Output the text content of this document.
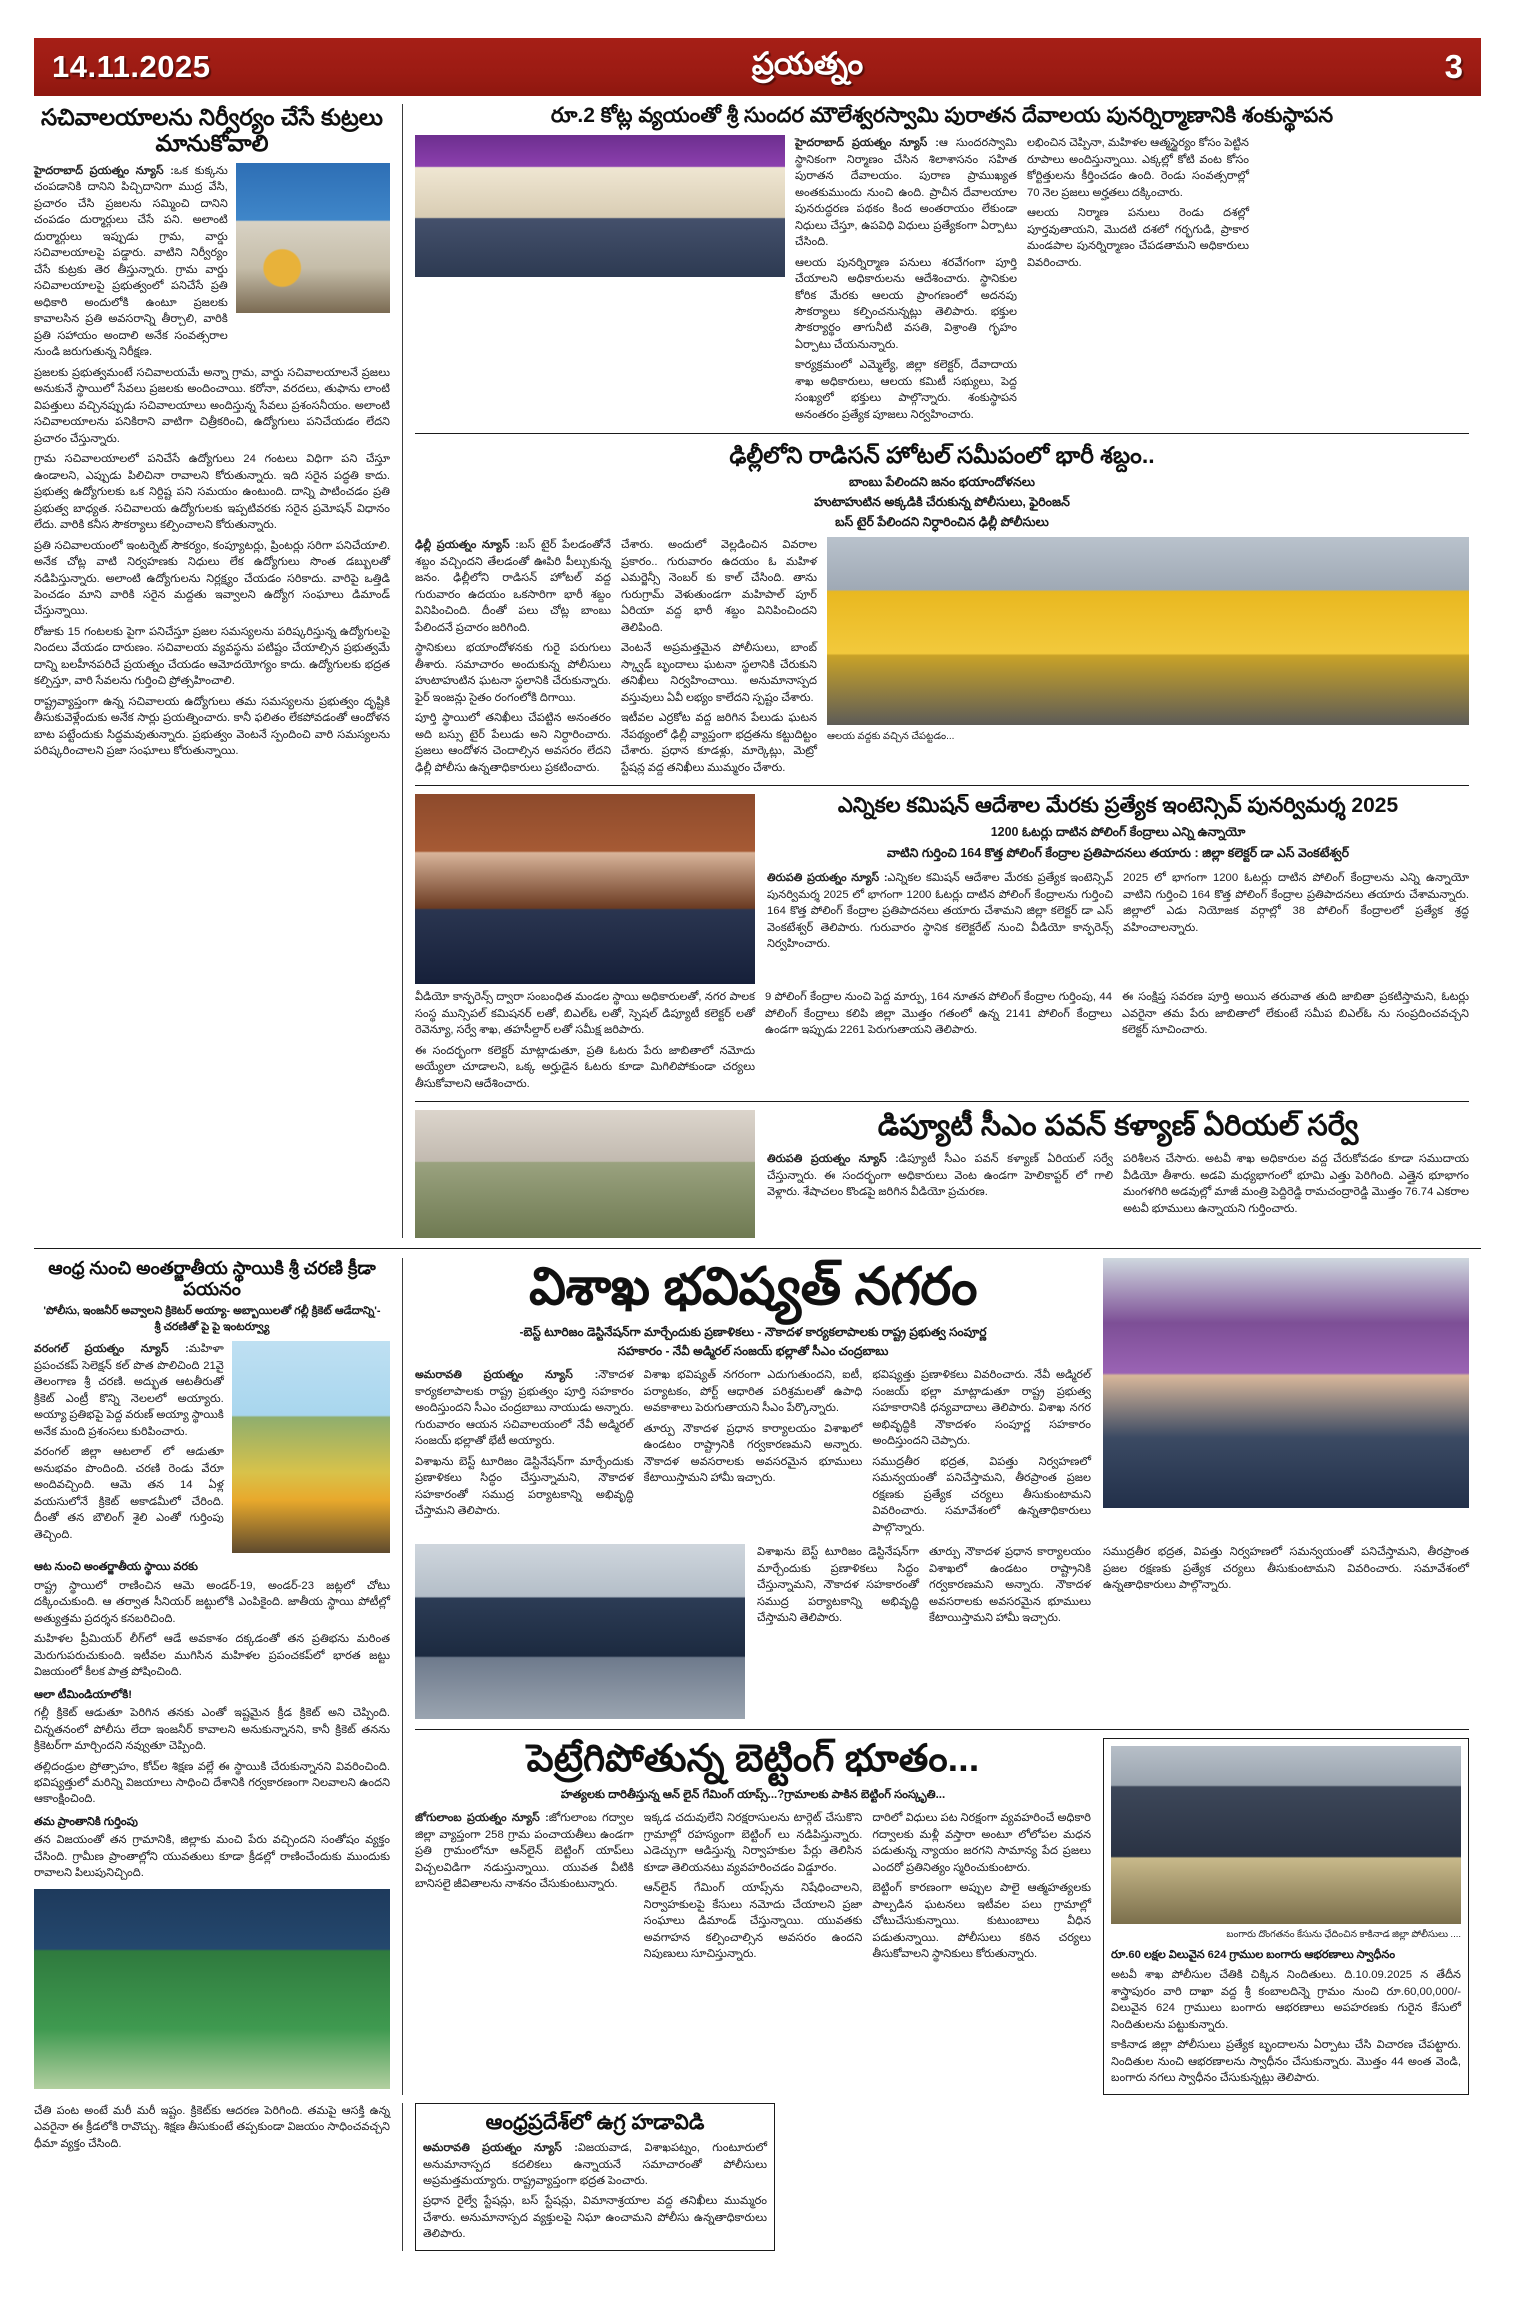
14.11.2025	ప్రయత్నం	3
సచివాలయాలను నిర్వీర్యం చేసే కుట్రలు మానుకోవాలి
హైదరాబాద్ ప్రయత్నం న్యూస్ :ఒక కుక్కను చంపడానికి దానిని పిచ్చిదానిగా ముద్ర వేసి, ప్రచారం చేసి ప్రజలను సమ్మించి దానిని చంపడం దుర్మార్గులు చేసే పని. అలాంటి దుర్మార్గులు ఇప్పుడు గ్రామ, వార్డు సచివాలయాలపై పడ్డారు. వాటిని నిర్వీర్యం చేసే కుట్రకు తెర తీస్తున్నారు. గ్రామ వార్డు సచివాలయాలపై ప్రభుత్వంలో పనిచేసే ప్రతి అధికారి అందులోకి ఉంటూ ప్రజలకు కావాలసిన ప్రతి అవసరాన్ని తీర్చాలి, వారికి ప్రతి సహాయం అందాలి అనేక సంవత్సరాల నుండి జరుగుతున్న నిరీక్షణ.
ప్రజలకు ప్రభుత్వమంటే సచివాలయమే అన్నా గ్రామ, వార్డు సచివాలయాలనే ప్రజలు అనుకునే స్థాయిలో సేవలు ప్రజలకు అందించాయి. కరోనా, వరదలు, తుఫాను లాంటి విపత్తులు వచ్చినప్పుడు సచివాలయాలు అందిస్తున్న సేవలు ప్రశంసనీయం. అలాంటి సచివాలయాలను పనికిరాని వాటిగా చిత్రీకరించి, ఉద్యోగులు పనిచేయడం లేదని ప్రచారం చేస్తున్నారు.
గ్రామ సచివాలయాలలో పనిచేసే ఉద్యోగులు 24 గంటలు విధిగా పని చేస్తూ ఉండాలని, ఎప్పుడు పిలిచినా రావాలని కోరుతున్నారు. ఇది సరైన పద్ధతి కాదు. ప్రభుత్వ ఉద్యోగులకు ఒక నిర్దిష్ట పని సమయం ఉంటుంది. దాన్ని పాటించడం ప్రతి ప్రభుత్వ బాధ్యత. సచివాలయ ఉద్యోగులకు ఇప్పటివరకు సరైన ప్రమోషన్ విధానం లేదు. వారికి కనీస సౌకర్యాలు కల్పించాలని కోరుతున్నారు.
ప్రతి సచివాలయంలో ఇంటర్నెట్ సౌకర్యం, కంప్యూటర్లు, ప్రింటర్లు సరిగా పనిచేయాలి. అనేక చోట్ల వాటి నిర్వహణకు నిధులు లేక ఉద్యోగులు సొంత డబ్బులతో నడిపిస్తున్నారు. అలాంటి ఉద్యోగులను నిర్లక్ష్యం చేయడం సరికాదు. వారిపై ఒత్తిడి పెంచడం మాని వారికి సరైన మద్దతు ఇవ్వాలని ఉద్యోగ సంఘాలు డిమాండ్ చేస్తున్నాయి.
రోజుకు 15 గంటలకు పైగా పనిచేస్తూ ప్రజల సమస్యలను పరిష్కరిస్తున్న ఉద్యోగులపై నిందలు వేయడం దారుణం. సచివాలయ వ్యవస్థను పటిష్టం చేయాల్సిన ప్రభుత్వమే దాన్ని బలహీనపరిచే ప్రయత్నం చేయడం ఆమోదయోగ్యం కాదు. ఉద్యోగులకు భద్రత కల్పిస్తూ, వారి సేవలను గుర్తించి ప్రోత్సహించాలి.
రాష్ట్రవ్యాప్తంగా ఉన్న సచివాలయ ఉద్యోగులు తమ సమస్యలను ప్రభుత్వం దృష్టికి తీసుకువెళ్లేందుకు అనేక సార్లు ప్రయత్నించారు. కానీ ఫలితం లేకపోవడంతో ఆందోళన బాట పట్టేందుకు సిద్ధమవుతున్నారు. ప్రభుత్వం వెంటనే స్పందించి వారి సమస్యలను పరిష్కరించాలని ప్రజా సంఘాలు కోరుతున్నాయి.
రూ.2 కోట్ల వ్యయంతో శ్రీ సుందర మౌలేశ్వరస్వామి పురాతన దేవాలయ పునర్నిర్మాణానికి శంకుస్థాపన
హైదరాబాద్ ప్రయత్నం న్యూస్ :ఆ సుందరస్వామి స్థానికంగా నిర్మాణం చేసిన శిలాశాసనం సహిత పురాతన దేవాలయం. పురాణ ప్రాముఖ్యత అంతకుముందు నుంచి ఉంది. ప్రాచీన దేవాలయాల పునరుద్ధరణ పథకం కింద అంతరాయం లేకుండా నిధులు చేస్తూ, ఉపవిధి విధులు ప్రత్యేకంగా ఏర్పాటు చేసింది.
ఆలయ పునర్నిర్మాణ పనులు శరవేగంగా పూర్తి చేయాలని అధికారులను ఆదేశించారు. స్థానికుల కోరిక మేరకు ఆలయ ప్రాంగణంలో అదనపు సౌకర్యాలు కల్పించనున్నట్లు తెలిపారు. భక్తుల సౌకర్యార్థం తాగునీటి వసతి, విశ్రాంతి గృహం ఏర్పాటు చేయనున్నారు.
కార్యక్రమంలో ఎమ్మెల్యే, జిల్లా కలెక్టర్, దేవాదాయ శాఖ అధికారులు, ఆలయ కమిటీ సభ్యులు, పెద్ద సంఖ్యలో భక్తులు పాల్గొన్నారు. శంకుస్థాపన అనంతరం ప్రత్యేక పూజలు నిర్వహించారు.
లభించిన చెప్పినా, మహిళల ఆత్మస్థైర్యం కోసం పెట్టిన రూపాలు అందిస్తున్నాయి. ఎక్కల్లో కోటి వంట కోసం కోర్టిత్తులను కీర్తించడం ఉంది. రెండు సంవత్సరాల్లో 70 నెల ప్రజలు అర్హతలు దక్కించారు.
ఆలయ నిర్మాణ పనులు రెండు దశల్లో పూర్తవుతాయని, మొదటి దశలో గర్భగుడి, ప్రాకార మండపాల పునర్నిర్మాణం చేపడతామని అధికారులు వివరించారు.
ఢిల్లీలోని రాడిసన్ హోటల్ సమీపంలో భారీ శబ్దం..
బాంబు పేలిందని జనం భయాందోళనలు
హుటాహుటిన అక్కడికి చేరుకున్న పోలీసులు, ఫైరింజన్
బస్ టైర్ పేలిందని నిర్ధారించిన ఢిల్లీ పోలీసులు
ఢిల్లీ ప్రయత్నం న్యూస్ :బస్ టైర్ పేలడంతోనే శబ్దం వచ్చిందని తేలడంతో ఊపిరి పీల్చుకున్న జనం. ఢిల్లీలోని రాడిసన్ హోటల్ వద్ద గురువారం ఉదయం ఒకసారిగా భారీ శబ్దం వినిపించింది. దీంతో పలు చోట్ల బాంబు పేలిందనే ప్రచారం జరిగింది.
స్థానికులు భయాందోళనకు గురై పరుగులు తీశారు. సమాచారం అందుకున్న పోలీసులు హుటాహుటిన ఘటనా స్థలానికి చేరుకున్నారు. ఫైర్ ఇంజన్లు సైతం రంగంలోకి దిగాయి.
పూర్తి స్థాయిలో తనిఖీలు చేపట్టిన అనంతరం అది బస్సు టైర్ పేలుడు అని నిర్ధారించారు. ప్రజలు ఆందోళన చెందాల్సిన అవసరం లేదని ఢిల్లీ పోలీసు ఉన్నతాధికారులు ప్రకటించారు.
చేశారు. అందులో వెల్లడించిన వివరాల ప్రకారం.. గురువారం ఉదయం ఓ మహిళ ఎమర్జెన్సీ నెంబర్ కు కాల్ చేసింది. తాను గురుగ్రామ్ వెళుతుండగా మహిపాల్ పూర్ ఏరియా వద్ద భారీ శబ్దం వినిపించిందని తెలిపింది.
వెంటనే అప్రమత్తమైన పోలీసులు, బాంబ్ స్క్వాడ్ బృందాలు ఘటనా స్థలానికి చేరుకుని తనిఖీలు నిర్వహించాయి. అనుమానాస్పద వస్తువులు ఏవీ లభ్యం కాలేదని స్పష్టం చేశారు.
ఇటీవల ఎర్రకోట వద్ద జరిగిన పేలుడు ఘటన నేపథ్యంలో ఢిల్లీ వ్యాప్తంగా భద్రతను కట్టుదిట్టం చేశారు. ప్రధాన కూడళ్లు, మార్కెట్లు, మెట్రో స్టేషన్ల వద్ద తనిఖీలు ముమ్మరం చేశారు.
ఆలయ వద్దకు వచ్చిన చేపట్టడం...
ఎన్నికల కమిషన్ ఆదేశాల మేరకు ప్రత్యేక ఇంటెన్సివ్ పునర్విమర్శ 2025
1200 ఓటర్లు దాటిన పోలింగ్ కేంద్రాలు ఎన్ని ఉన్నాయో
వాటిని గుర్తించి 164 కొత్త పోలింగ్ కేంద్రాల ప్రతిపాదనలు తయారు : జిల్లా కలెక్టర్ డా ఎస్ వెంకటేశ్వర్
తిరుపతి ప్రయత్నం న్యూస్ :ఎన్నికల కమిషన్ ఆదేశాల మేరకు ప్రత్యేక ఇంటెన్సివ్ పునర్విమర్శ 2025 లో భాగంగా 1200 ఓటర్లు దాటిన పోలింగ్ కేంద్రాలను గుర్తించి 164 కొత్త పోలింగ్ కేంద్రాల ప్రతిపాదనలు తయారు చేశామని జిల్లా కలెక్టర్ డా ఎస్ వెంకటేశ్వర్ తెలిపారు. గురువారం స్థానిక కలెక్టరేట్ నుంచి వీడియో కాన్ఫరెన్స్ నిర్వహించారు.
2025 లో భాగంగా 1200 ఓటర్లు దాటిన పోలింగ్ కేంద్రాలను ఎన్ని ఉన్నాయో వాటిని గుర్తించి 164 కొత్త పోలింగ్ కేంద్రాల ప్రతిపాదనలు తయారు చేశామన్నారు. జిల్లాలో ఎడు నియోజక వర్గాల్లో 38 పోలింగ్ కేంద్రాలలో ప్రత్యేక శ్రద్ధ వహించాలన్నారు.
వీడియో కాన్ఫరెన్స్ ద్వారా సంబంధిత మండల స్థాయి అధికారులతో, నగర పాలక సంస్థ మున్సిపల్ కమిషనర్ లతో, బిఎల్ఓ లతో, స్పెషల్ డిప్యూటీ కలెక్టర్ లతో రెవెన్యూ, సర్వే శాఖ, తహసీల్దార్ లతో సమీక్ష జరిపారు.
ఈ సందర్భంగా కలెక్టర్ మాట్లాడుతూ, ప్రతి ఓటరు పేరు జాబితాలో నమోదు అయ్యేలా చూడాలని, ఒక్క అర్హుడైన ఓటరు కూడా మిగిలిపోకుండా చర్యలు తీసుకోవాలని ఆదేశించారు.
9 పోలింగ్ కేంద్రాల నుంచి పెద్ద మార్పు, 164 నూతన పోలింగ్ కేంద్రాల గుర్తింపు, 44 పోలింగ్ కేంద్రాలు కలిపి జిల్లా మొత్తం గతంలో ఉన్న 2141 పోలింగ్ కేంద్రాలు ఉండగా ఇప్పుడు 2261 పెరుగుతాయని తెలిపారు.
ఈ సంక్షిప్త సవరణ పూర్తి అయిన తరువాత తుది జాబితా ప్రకటిస్తామని, ఓటర్లు ఎవరైనా తమ పేరు జాబితాలో లేకుంటే సమీప బిఎల్ఓ ను సంప్రదించవచ్చని కలెక్టర్ సూచించారు.
డిప్యూటీ సీఎం పవన్ కళ్యాణ్ ఏరియల్ సర్వే
తిరుపతి ప్రయత్నం న్యూస్ :డిప్యూటీ సీఎం పవన్ కళ్యాణ్ ఏరియల్ సర్వే చేస్తున్నారు. ఈ సందర్భంగా అధికారులు వెంట ఉండగా హెలికాప్టర్ లో గాలి వెళ్లారు. శేషాచలం కొండపై జరిగిన వీడియో ప్రచురణ.
పరిశీలన చేసారు. అటవీ శాఖ అధికారుల వద్ద చేరుకోవడం కూడా సముదాయ వీడియో తీశారు. అడవి మధ్యభాగంలో భూమి ఎత్తు పెరిగింది. ఎత్తైన భూభాగం మంగళగిరి అడవుల్లో మాజీ మంత్రి పెద్దిరెడ్డి రామచంద్రారెడ్డి మొత్తం 76.74 ఎకరాల అటవీ భూములు ఉన్నాయని గుర్తించారు.
ఆంధ్ర నుంచి అంతర్జాతీయ స్థాయికి శ్రీ చరణి క్రీడా పయనం
'పోలీసు, ఇంజనీర్ అవ్వాలని క్రికెటర్ అయ్యా- అబ్బాయిలతో గల్లీ క్రికెట్ ఆడేదాన్ని'-
శ్రీ చరణితో పై పై ఇంటర్వ్యూ
వరంగల్ ప్రయత్నం న్యూస్ :మహిళా ప్రపంచకప్ సెలెక్షన్ కల్ పొత పొలిచింది 21వై తెలంగాణ శ్రీ చరణి. అద్భుత ఆటతీరుతో క్రికెట్ ఎంట్రీ కొన్ని నెలలలో అయ్యారు. అయ్యా ప్రతిభపై పెద్ద వరుణ్ అయ్యా స్థాయికి అనేక మంది ప్రశంసలు కురిపించారు.
వరంగల్ జిల్లా ఆటలాల్ లో ఆడుతూ అనుభవం పొందింది. చరణి రెండు వేరూ అందివచ్చింది. ఆమె తన 14 ఏళ్ల వయసులోనే క్రికెట్ అకాడమీలో చేరింది. దీంతో తన బౌలింగ్ శైలి ఎంతో గుర్తింపు తెచ్చింది.
ఆట నుంచి అంతర్జాతీయ స్థాయి వరకు
రాష్ట్ర స్థాయిలో రాణించిన ఆమె అండర్-19, అండర్-23 జట్లలో చోటు దక్కించుకుంది. ఆ తర్వాత సీనియర్ జట్టులోకి ఎంపికైంది. జాతీయ స్థాయి పోటీల్లో అత్యుత్తమ ప్రదర్శన కనబరిచింది.
మహిళల ప్రీమియర్ లీగ్‌లో ఆడే అవకాశం దక్కడంతో తన ప్రతిభను మరింత మెరుగుపరుచుకుంది. ఇటీవల ముగిసిన మహిళల ప్రపంచకప్‌లో భారత జట్టు విజయంలో కీలక పాత్ర పోషించింది.
ఆలా టీమిండియాలోకి!
గల్లీ క్రికెట్ ఆడుతూ పెరిగిన తనకు ఎంతో ఇష్టమైన క్రీడ క్రికెట్ అని చెప్పింది. చిన్నతనంలో పోలీసు లేదా ఇంజనీర్ కావాలని అనుకున్నానని, కానీ క్రికెట్ తనను క్రికెటర్‌గా మార్చిందని నవ్వుతూ చెప్పింది.
తల్లిదండ్రుల ప్రోత్సాహం, కోచ్‌ల శిక్షణ వల్లే ఈ స్థాయికి చేరుకున్నానని వివరించింది. భవిష్యత్తులో మరిన్ని విజయాలు సాధించి దేశానికి గర్వకారణంగా నిలవాలని ఉందని ఆకాంక్షించింది.
తమ ప్రాంతానికి గుర్తింపు
తన విజయంతో తన గ్రామానికి, జిల్లాకు మంచి పేరు వచ్చిందని సంతోషం వ్యక్తం చేసింది. గ్రామీణ ప్రాంతాల్లోని యువతులు కూడా క్రీడల్లో రాణించేందుకు ముందుకు రావాలని పిలుపునిచ్చింది.
విశాఖ భవిష్యత్ నగరం
-బెస్ట్ టూరిజం డెస్టినేషన్‌గా మార్చేందుకు ప్రణాళికలు - నౌకాదళ కార్యకలాపాలకు రాష్ట్ర ప్రభుత్వ సంపూర్ణ
సహకారం - నేవీ అడ్మిరల్ సంజయ్ భల్లాతో సీఎం చంద్రబాబు
అమరావతి ప్రయత్నం న్యూస్ :నౌకాదళ కార్యకలాపాలకు రాష్ట్ర ప్రభుత్వం పూర్తి సహకారం అందిస్తుందని సీఎం చంద్రబాబు నాయుడు అన్నారు. గురువారం ఆయన సచివాలయంలో నేవీ అడ్మిరల్ సంజయ్ భల్లాతో భేటీ అయ్యారు.
విశాఖను బెస్ట్ టూరిజం డెస్టినేషన్‌గా మార్చేందుకు ప్రణాళికలు సిద్ధం చేస్తున్నామని, నౌకాదళ సహకారంతో సముద్ర పర్యాటకాన్ని అభివృద్ధి చేస్తామని తెలిపారు.
విశాఖ భవిష్యత్ నగరంగా ఎదుగుతుందని, ఐటీ, పర్యాటకం, పోర్ట్ ఆధారిత పరిశ్రమలతో ఉపాధి అవకాశాలు పెరుగుతాయని సీఎం పేర్కొన్నారు.
తూర్పు నౌకాదళ ప్రధాన కార్యాలయం విశాఖలో ఉండటం రాష్ట్రానికి గర్వకారణమని అన్నారు. నౌకాదళ అవసరాలకు అవసరమైన భూములు కేటాయిస్తామని హామీ ఇచ్చారు.
భవిష్యత్తు ప్రణాళికలు వివరించారు. నేవీ అడ్మిరల్ సంజయ్ భల్లా మాట్లాడుతూ రాష్ట్ర ప్రభుత్వ సహకారానికి ధన్యవాదాలు తెలిపారు. విశాఖ నగర అభివృద్ధికి నౌకాదళం సంపూర్ణ సహకారం అందిస్తుందని చెప్పారు.
సముద్రతీర భద్రత, విపత్తు నిర్వహణలో సమన్వయంతో పనిచేస్తామని, తీరప్రాంత ప్రజల రక్షణకు ప్రత్యేక చర్యలు తీసుకుంటామని వివరించారు. సమావేశంలో ఉన్నతాధికారులు పాల్గొన్నారు.
విశాఖను బెస్ట్ టూరిజం డెస్టినేషన్‌గా మార్చేందుకు ప్రణాళికలు సిద్ధం చేస్తున్నామని, నౌకాదళ సహకారంతో సముద్ర పర్యాటకాన్ని అభివృద్ధి చేస్తామని తెలిపారు.
తూర్పు నౌకాదళ ప్రధాన కార్యాలయం విశాఖలో ఉండటం రాష్ట్రానికి గర్వకారణమని అన్నారు. నౌకాదళ అవసరాలకు అవసరమైన భూములు కేటాయిస్తామని హామీ ఇచ్చారు.
సముద్రతీర భద్రత, విపత్తు నిర్వహణలో సమన్వయంతో పనిచేస్తామని, తీరప్రాంత ప్రజల రక్షణకు ప్రత్యేక చర్యలు తీసుకుంటామని వివరించారు. సమావేశంలో ఉన్నతాధికారులు పాల్గొన్నారు.
పెట్రేగిపోతున్న బెట్టింగ్ భూతం...
హత్యలకు దారితీస్తున్న ఆన్ లైన్ గేమింగ్ యాప్స్...?గ్రామాలకు పాకిన బెట్టింగ్ సంస్కృతి...
జోగులాంబ ప్రయత్నం న్యూస్ :జోగులాంబ గద్వాల జిల్లా వ్యాప్తంగా 258 గ్రామ పంచాయతీలు ఉండగా ప్రతి గ్రామంలోనూ ఆన్‌లైన్ బెట్టింగ్ యాప్‌లు విచ్చలవిడిగా నడుస్తున్నాయి. యువత వీటికి బానిసలై జీవితాలను నాశనం చేసుకుంటున్నారు.
ఇక్కడ చదువులేని నిరక్షరాసులను టార్గెట్ చేసుకొని గ్రామాల్లో రహస్యంగా బెట్టింగ్ లు నడిపిస్తున్నారు. ఎడెచ్చుగా ఆడిస్తున్న నిర్వాహకుల పేర్లు తెలిసిన కూడా తెలియనటు వ్యవహరించడం విడ్డూరం.
ఆన్‌లైన్ గేమింగ్ యాప్స్‌ను నిషేధించాలని, నిర్వాహకులపై కేసులు నమోదు చేయాలని ప్రజా సంఘాలు డిమాండ్ చేస్తున్నాయి. యువతకు అవగాహన కల్పించాల్సిన అవసరం ఉందని నిపుణులు సూచిస్తున్నారు.
దారిలో విధులు పట నిరక్షంగా వ్యవహరించే అధికారి గద్వాలకు మళ్లీ వస్తారా అంటూ లోలోపల మధన పడుతున్న న్యాయం జరగని సామాన్య పేద ప్రజలు ఎందరో ప్రతినిత్యం స్మరించుకుంటారు.
బెట్టింగ్ కారణంగా అప్పుల పాలై ఆత్మహత్యలకు పాల్పడిన ఘటనలు ఇటీవల పలు గ్రామాల్లో చోటుచేసుకున్నాయి. కుటుంబాలు వీధిన పడుతున్నాయి. పోలీసులు కఠిన చర్యలు తీసుకోవాలని స్థానికులు కోరుతున్నారు.
బంగారు దొంగతనం కేసును ఛేదించిన కాకినాడ జిల్లా పోలీసులు ....
రూ.60 లక్షల విలువైన 624 గ్రాముల బంగారు ఆభరణాలు స్వాధీనం
అటవీ శాఖ పోలీసుల చేతికి చిక్కిన నిందితులు. ది.10.09.2025 న తేదీన శాస్త్రాపురం వారి దాఖా వద్ద శ్రీ కంబాలదిన్నె గ్రామం నుంచి రూ.60,00,000/- విలువైన 624 గ్రాములు బంగారు ఆభరణాలు అపహరణకు గురైన కేసులో నిందితులను పట్టుకున్నారు.
కాకినాడ జిల్లా పోలీసులు ప్రత్యేక బృందాలను ఏర్పాటు చేసి విచారణ చేపట్టారు. నిందితుల నుంచి ఆభరణాలను స్వాధీనం చేసుకున్నారు. మొత్తం 44 అంత వెండి, బంగారు నగలు స్వాధీనం చేసుకున్నట్లు తెలిపారు.
చేతి పంట అంటే మరీ మరీ ఇష్టం. క్రికెట్‌కు ఆదరణ పెరిగింది. తమపై ఆసక్తి ఉన్న ఎవరైనా ఈ క్రీడలోకి రావొచ్చు. శిక్షణ తీసుకుంటే తప్పకుండా విజయం సాధించవచ్చని ధీమా వ్యక్తం చేసింది.
ఆంధ్రప్రదేశ్‌లో ఉగ్ర హడావిడి
అమరావతి ప్రయత్నం న్యూస్ :విజయవాడ, విశాఖపట్నం, గుంటూరులో అనుమానాస్పద కదలికలు ఉన్నాయనే సమాచారంతో పోలీసులు అప్రమత్తమయ్యారు. రాష్ట్రవ్యాప్తంగా భద్రత పెంచారు.
ప్రధాన రైల్వే స్టేషన్లు, బస్ స్టేషన్లు, విమానాశ్రయాల వద్ద తనిఖీలు ముమ్మరం చేశారు. అనుమానాస్పద వ్యక్తులపై నిఘా ఉంచామని పోలీసు ఉన్నతాధికారులు తెలిపారు.
